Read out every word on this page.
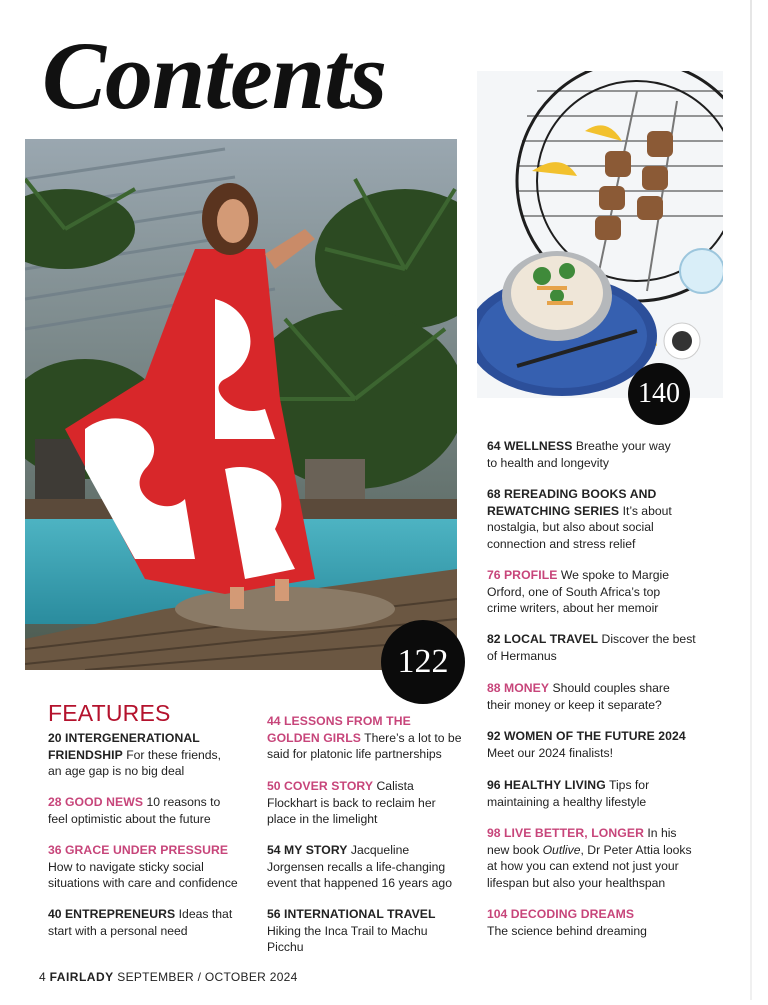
Contents
122
140
FEATURES
20 INTERGENERATIONAL FRIENDSHIP For these friends, an age gap is no big deal
28 GOOD NEWS 10 reasons to feel optimistic about the future
36 GRACE UNDER PRESSURE How to navigate sticky social situations with care and confidence
40 ENTREPRENEURS Ideas that start with a personal need
44 LESSONS FROM THE GOLDEN GIRLS There’s a lot to be said for platonic life partnerships
50 COVER STORY Calista Flockhart is back to reclaim her place in the limelight
54 MY STORY Jacqueline Jorgensen recalls a life-changing event that happened 16 years ago
56 INTERNATIONAL TRAVEL Hiking the Inca Trail to Machu Picchu
64 WELLNESS Breathe your way to health and longevity
68 REREADING BOOKS AND REWATCHING SERIES It’s about nostalgia, but also about social connection and stress relief
76 PROFILE We spoke to Margie Orford, one of South Africa’s top crime writers, about her memoir
82 LOCAL TRAVEL Discover the best of Hermanus
88 MONEY Should couples share their money or keep it separate?
92 WOMEN OF THE FUTURE 2024
Meet our 2024 finalists!
96 HEALTHY LIVING Tips for maintaining a healthy lifestyle
98 LIVE BETTER, LONGER In his new book Outlive, Dr Peter Attia looks at how you can extend not just your lifespan but also your healthspan
104 DECODING DREAMS
The science behind dreaming
4 FAIRLADY SEPTEMBER / OCTOBER 2024
